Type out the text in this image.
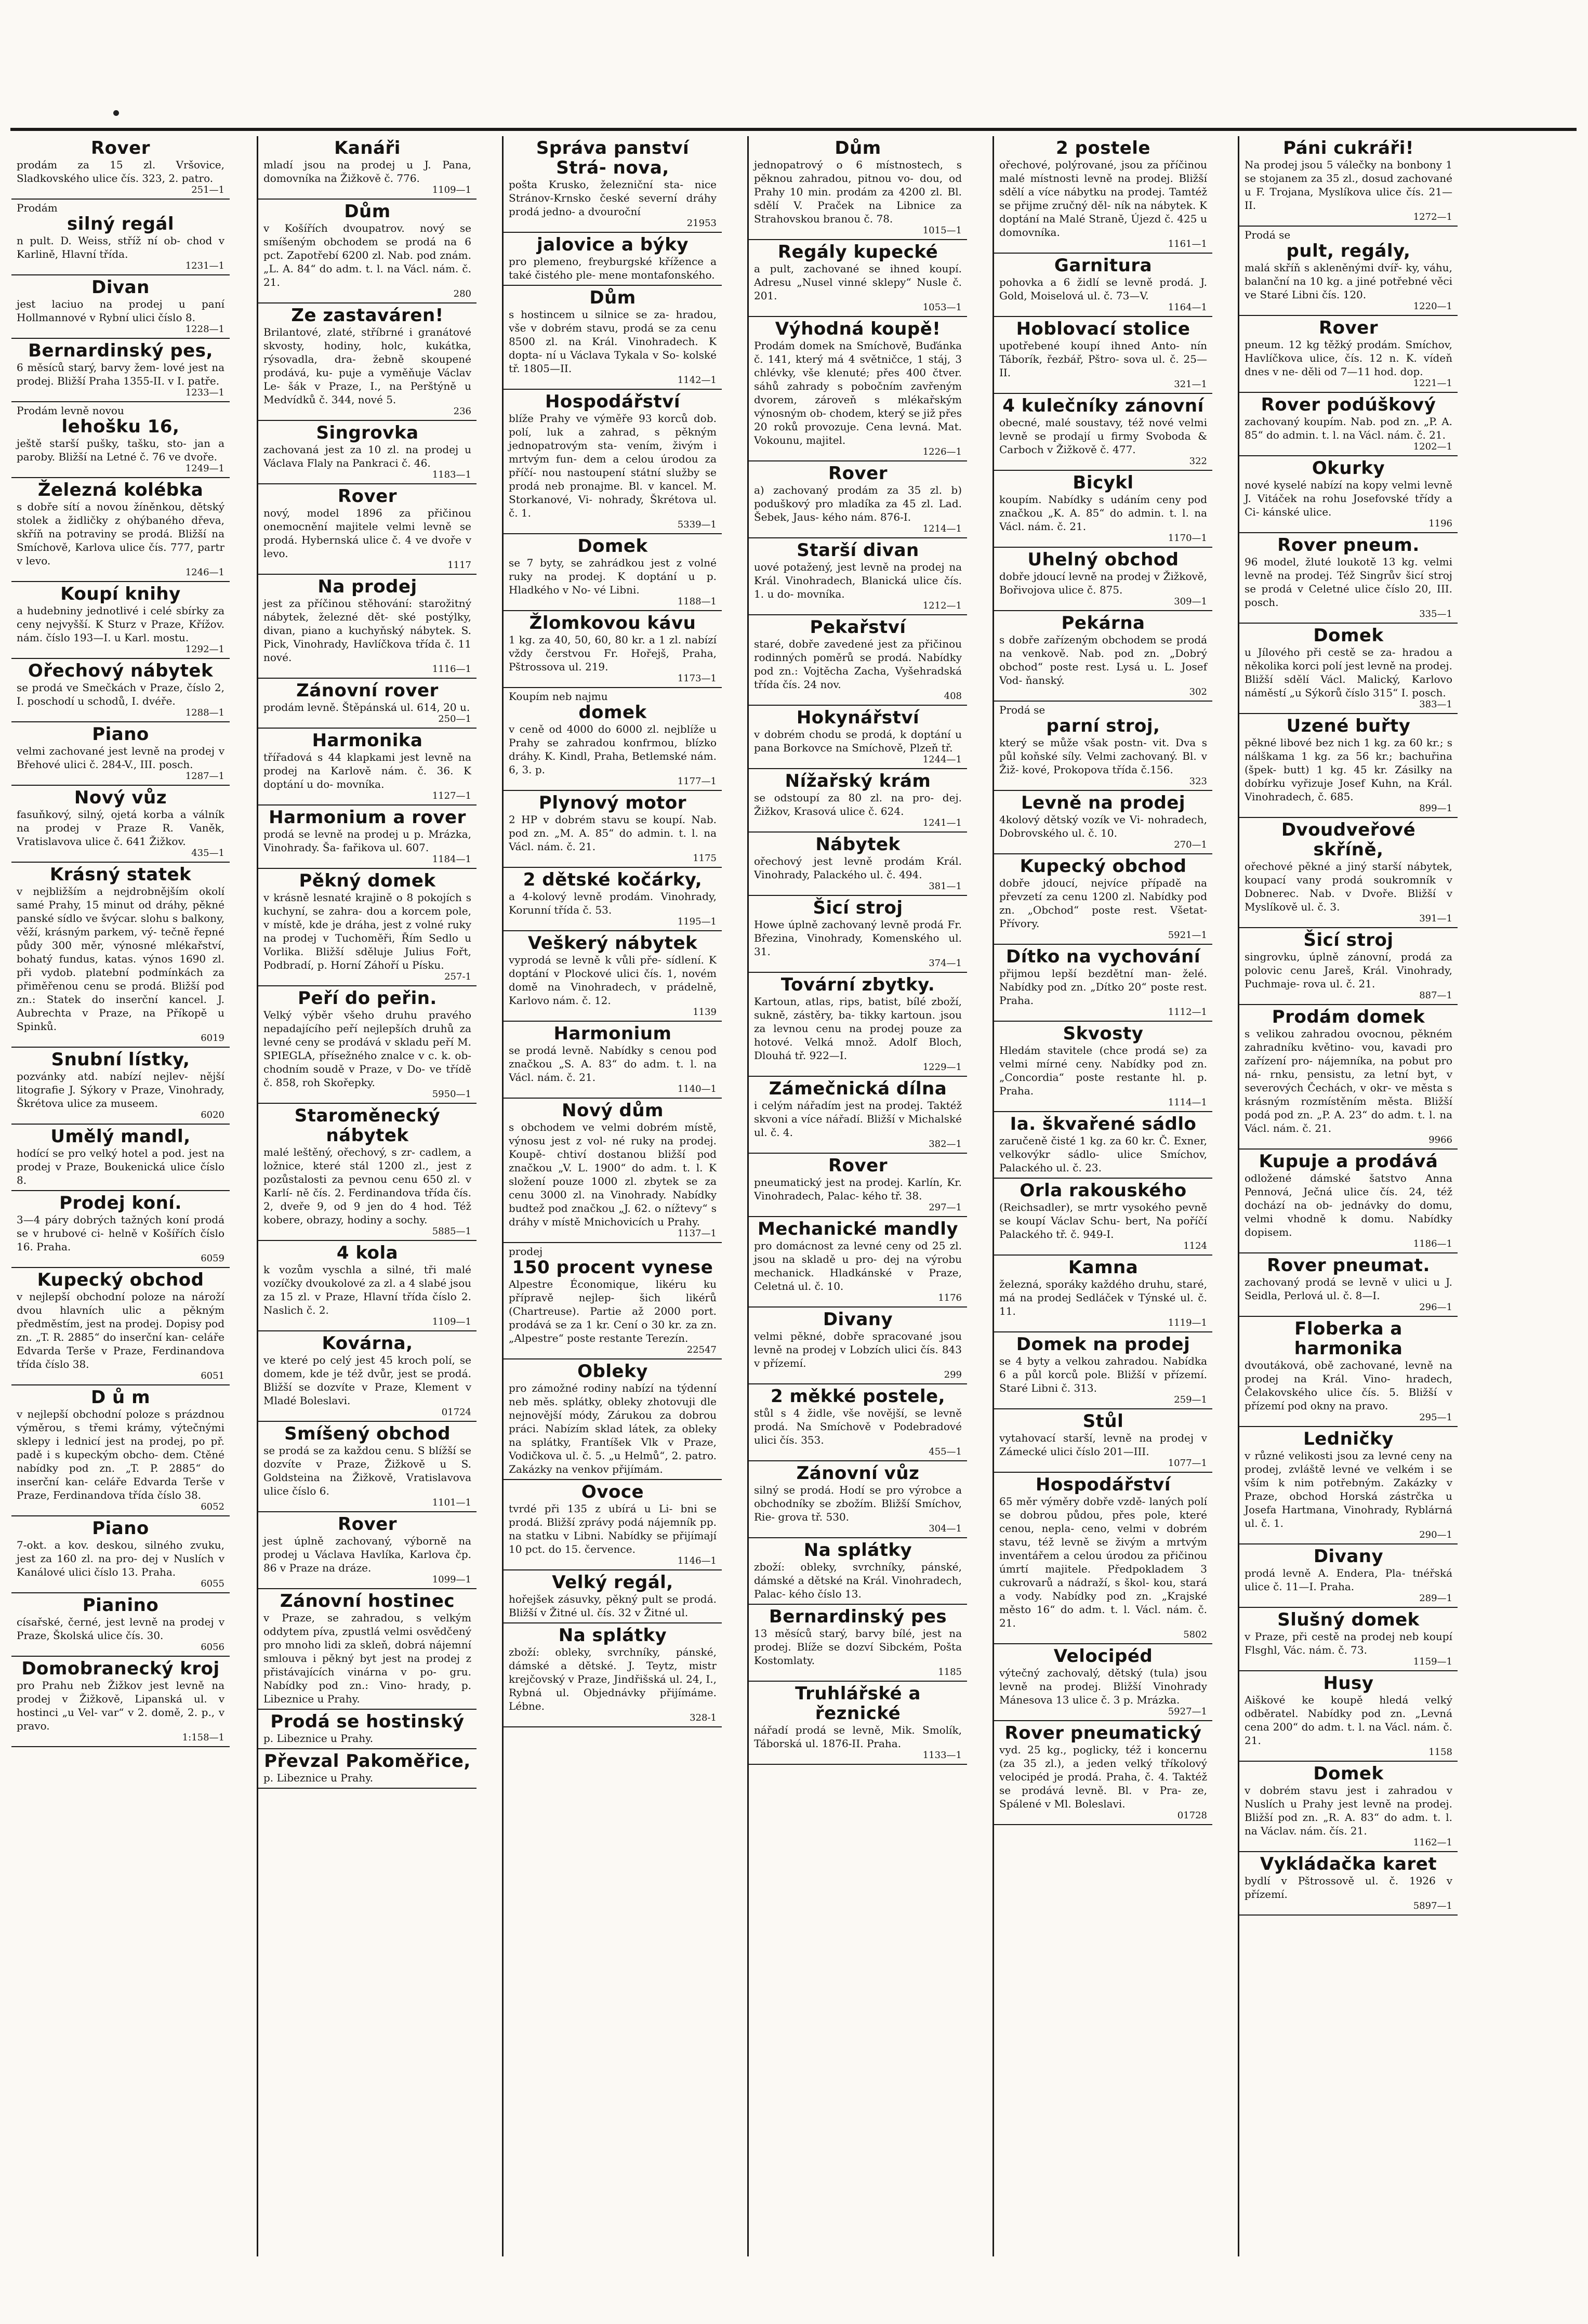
Rover

prodám za 15 zl. Vršovice, Sladkovského ulice čís. 323, 2. patro.

251—1

Prodám

silný regál

n pult. D. Weiss, stříž ní ob- chod v Karlině, Hlavní třída.

1231—1
Divan

jest laciuo na prodej u paní Hollmannové v Rybní ulici číslo 8.

1228—1
Bernardinský pes,

6 měsíců starý, barvy žem- lové jest na prodej. Bližší Praha 1355-II. v I. patře.

1233—1

Prodám levně novou

lehošku 16,

ještě starší pušky, tašku, sto- jan a paroby. Bližší na Letné č. 76 ve dvoře.

1249—1
Železná kolébka

s dobře sítí a novou žíněnkou, dětský stolek a židličky z ohýbaného dřeva, skříň na potraviny se prodá. Bližší na Smíchově, Karlova ulice čís. 777, partr v levo.

1246—1
Koupí knihy

a hudebniny jednotlivé i celé sbírky za ceny nejvyšší. K Sturz v Praze, Křížov. nám. číslo 193—I. u Karl. mostu.

1292—1
Ořechový nábytek

se prodá ve Smečkách v Praze, číslo 2, I. poschodí u schodů, I. dvéře.

1288—1
Piano

velmi zachované jest levně na prodej v Břehové ulici č. 284-V., III. posch.

1287—1
Nový vůz

fasuňkový, silný, ojetá korba a válník na prodej v Praze R. Vaněk, Vratislavova ulice č. 641 Žižkov.

435—1
Krásný statek

v nejbližším a nejdrobnějším okolí samé Prahy, 15 minut od dráhy, pěkné panské sídlo ve švýcar. slohu s balkony, věží, krásným parkem, vý- tečně řepné půdy 300 měr, výnosné mlékařství, bohatý fundus, katas. výnos 1690 zl. při vydob. platební podmínkách za přiměřenou cenu se prodá. Bližší pod zn.: Statek do inserční kancel. J. Aubrechta v Praze, na Příkopě u Spinků.

6019
Snubní lístky,

pozvánky atd. nabízí nejlev- nější litografie J. Sýkory v Praze, Vinohrady, Škrétova ulice za museem.

6020
Umělý mandl,

hodící se pro velký hotel a pod. jest na prodej v Praze, Boukenická ulice číslo 8.

Prodej koní.

3—4 páry dobrých tažných koní prodá se v hrubové ci- helně v Košířích číslo 16. Praha.

6059
Kupecký obchod

v nejlepší obchodní poloze na nároží dvou hlavních ulic a pěkným předměstím, jest na prodej. Dopisy pod zn. „T. R. 2885“ do inserční kan- celáře Edvarda Terše v Praze, Ferdinandova třída číslo 38.

6051
D ů m

v nejlepší obchodní poloze s prázdnou výměrou, s třemi krámy, výtečnými sklepy i lednicí jest na prodej, po př. padě i s kupeckým obcho- dem. Ctěné nabídky pod zn. „T. P. 2885“ do inserční kan- celáře Edvarda Terše v Praze, Ferdinandova třída číslo 38.

6052
Piano

7-okt. a kov. deskou, silného zvuku, jest za 160 zl. na pro- dej v Nuslích v Kanálové ulici číslo 13. Praha.

6055
Pianino

císařské, černé, jest levně na prodej v Praze, Školská ulice čís. 30.

6056
Domobranecký kroj

pro Prahu neb Žižkov jest levně na prodej v Žižkově, Lipanská ul. v hostinci „u Vel- var“ v 2. domě, 2. p., v pravo.

1:158—1
Kanáři

mladí jsou na prodej u J. Pana, domovníka na Žižkově č. 776.

1109—1
Dům

v Košířích dvoupatrov. nový se smíšeným obchodem se prodá na 6 pct. Zapotřebí 6200 zl. Nab. pod znám. „L. A. 84“ do adm. t. l. na Václ. nám. č. 21.

280
Ze zastaváren!

Brilantové, zlaté, stříbrné i granátové skvosty, hodiny, holc, kukátka, rýsovadla, dra- žebně skoupené prodává, ku- puje a vyměňuje Václav Le- šák v Praze, I., na Perštýně u Medvídků č. 344, nové 5.

236
Singrovka

zachovaná jest za 10 zl. na prodej u Václava Flaly na Pankraci č. 46.

1183—1
Rover

nový, model 1896 za přičinou onemocnění majitele velmi levně se prodá. Hybernská ulice č. 4 ve dvoře v levo.

1117
Na prodej

jest za příčinou stěhování: starožitný nábytek, železné dět- ské postýlky, divan, piano a kuchyňský nábytek. S. Pick, Vinohrady, Havlíčkova třída č. 11 nové.

1116—1
Zánovní rover

prodám levně. Štěpánská ul. 614, 20 u.

250—1
Harmonika

třířadová s 44 klapkami jest levně na prodej na Karlově nám. č. 36. K doptání u do- movníka.

1127—1
Harmonium a rover

prodá se levně na prodej u p. Mrázka, Vinohrady. Ša- fařikova ul. 607.

1184—1
Pěkný domek

v krásně lesnaté krajině o 8 pokojích s kuchyní, se zahra- dou a korcem pole, v místě, kde je dráha, jest z volné ruky na prodej v Tuchoměři, Řím Sedlo u Vorlika. Bližší sděluje Julius Fořt, Podbradí, p. Horní Záhoří u Písku.

257-1
Peří do peřin.

Velký výběr všeho druhu pravého nepadajícího peří nejlepších druhů za levné ceny se prodává v skladu peří M. SPIEGLA, přísežného znalce v c. k. ob- chodním soudě v Praze, v Do- ve třídě č. 858, roh Skořepky.

5950—1
Staroměnecký nábytek

malé leštěný, ořechový, s zr- cadlem, a ložnice, které stál 1200 zl., jest z pozůstalosti za pevnou cenu 650 zl. v Karlí- ně čís. 2. Ferdinandova třída čís. 2, dveře 9, od 9 jen do 4 hod. Též kobere, obrazy, hodiny a sochy.

5885—1
4 kola

k vozům vyschla a silné, tři malé vozíčky dvoukolové za zl. a 4 slabé jsou za 15 zl. v Praze, Hlavní třída číslo 2. Naslich č. 2.

1109—1
Kovárna,

ve které po celý jest 45 kroch polí, se domem, kde je též dvůr, jest se prodá. Bližší se dozvíte v Praze, Klement v Mladé Boleslavi.

01724
Smíšený obchod

se prodá se za každou cenu. S blížší se dozvíte v Praze, Žižkově u S. Goldsteina na Žižkově, Vratislavova ulice číslo 6.

1101—1
Rover

jest úplně zachovaný, výborně na prodej u Václava Havlíka, Karlova čp. 86 v Praze na dráze.

1099—1
Zánovní hostinec

v Praze, se zahradou, s velkým oddytem píva, zpustlá velmi osvědčený pro mnoho lidi za skleň, dobrá nájemní smlouva i pěkný byt jest na prodej z přistávajících vinárna v po- gru. Nabídky pod zn.: Vino- hrady, p. Libeznice u Prahy.

Prodá se hostinský

p. Libeznice u Prahy.

Převzal Pakoměřice,

p. Libeznice u Prahy.

Správa panství Strá- nova,

pošta Krusko, železniční sta- nice Stránov-Krnsko české severní dráhy prodá jedno- a dvouroční

21953
jalovice a býky

pro plemeno, freyburgské křížence a také čistého ple- mene montafonského.

Dům

s hostincem u silnice se za- hradou, vše v dobrém stavu, prodá se za cenu 8500 zl. na Král. Vinohradech. K dopta- ní u Václava Tykala v So- kolské tř. 1805—II.

1142—1
Hospodářství

blíže Prahy ve výměře 93 korců dob. polí, luk a zahrad, s pěkným jednopatrovým sta- vením, živým i mrtvým fun- dem a celou úrodou za příčí- nou nastoupení státní služby se prodá neb pronajme. Bl. v kancel. M. Storkanové, Vi- nohrady, Škrétova ul. č. 1.

5339—1
Domek

se 7 byty, se zahrádkou jest z volné ruky na prodej. K doptání u p. Hladkého v No- vé Libni.

1188—1
Žlomkovou kávu

1 kg. za 40, 50, 60, 80 kr. a 1 zl. nabízí vždy čerstvou Fr. Hořejš, Praha, Pštrossova ul. 219.

1173—1

Koupím neb najmu

domek

v ceně od 4000 do 6000 zl. nejblíže u Prahy se zahradou konfrmou, blízko dráhy. K. Kindl, Praha, Betlemské nám. 6, 3. p.

1177—1
Plynový motor

2 HP v dobrém stavu se koupí. Nab. pod zn. „M. A. 85“ do admin. t. l. na Václ. nám. č. 21.

1175
2 dětské kočárky,

a 4-kolový levně prodám. Vinohrady, Korunní třída č. 53.

1195—1
Veškerý nábytek

vyprodá se levně k vůli pře- sídlení. K doptání v Plockové ulici čís. 1, novém domě na Vinohradech, v prádelně, Karlovo nám. č. 12.

1139
Harmonium

se prodá levně. Nabídky s cenou pod značkou „S. A. 83“ do adm. t. l. na Václ. nám. č. 21.

1140—1
Nový dům

s obchodem ve velmi dobrém místě, výnosu jest z vol- né ruky na prodej. Koupě- chtiví dostanou bližší pod značkou „V. L. 1900“ do adm. t. l. K složení pouze 1000 zl. zbytek se za cenu 3000 zl. na Vinohrady. Nabídky budtež pod značkou „J. 62. o nížtevy“ s dráhy v místě Mnichovicích u Prahy.

1137—1

prodej

150 procent vynese

Alpestre Économique, likéru ku přípravě nejlep- šich likérů (Chartreuse). Partie až 2000 port. prodává se za 1 kr. Cení o 30 kr. za zn. „Alpestre“ poste restante Terezín.

22547
Obleky

pro zámožné rodiny nabízí na týdenní neb měs. splátky, obleky zhotovuji dle nejnovější módy, Zárukou za dobrou práci. Nabízím sklad látek, za obleky na splátky, Frantíšek Vlk v Praze, Vodičkova ul. č. 5. „u Helmů“, 2. patro. Zakázky na venkov přijímám.

Ovoce

tvrdé při 135 z ubírá u Li- bni se prodá. Bližší zprávy podá nájemník pp. na statku v Libni. Nabídky se přijímají 10 pct. do 15. července.

1146—1
Velký regál,

hořejšek zásuvky, pěkný pult se prodá. Bližší v Žitné ul. čís. 32 v Žitné ul.

Na splátky

zboží: obleky, svrchníky, pánské, dámské a dětské. J. Teytz, mistr krejčovský v Praze, Jindřišská ul. 24, I., Rybná ul. Objednávky přijímáme. Lébne.

328-1
Dům

jednopatrový o 6 místnostech, s pěknou zahradou, pitnou vo- dou, od Prahy 10 min. prodám za 4200 zl. Bl. sdělí V. Praček na Libnice za Strahovskou branou č. 78.

1015—1
Regály kupecké

a pult, zachované se ihned koupí. Adresu „Nusel vinné sklepy“ Nusle č. 201.

1053—1
Výhodná koupě!

Prodám domek na Smíchově, Buďánka č. 141, který má 4 světničce, 1 stáj, 3 chlévky, vše klenuté; přes 400 čtver. sáhů zahrady s pobočním zavřeným dvorem, zároveň s mlékařským výnosným ob- chodem, který se již přes 20 roků provozuje. Cena levná. Mat. Vokounu, majitel.

1226—1
Rover

a) zachovaný prodám za 35 zl. b) poduškový pro mladíka za 45 zl. Lad. Šebek, Jaus- kého nám. 876-I.

1214—1
Starší divan

uové potažený, jest levně na prodej na Král. Vinohradech, Blanická ulice čís. 1. u do- movníka.

1212—1
Pekařství

staré, dobře zavedené jest za přičinou rodinných poměrů se prodá. Nabídky pod zn.: Vojtěcha Zacha, Vyšehradská třída čís. 24 nov.

408
Hokynářství

v dobrém chodu se prodá, k doptání u pana Borkovce na Smíchově, Plzeň tř.

1244—1
Nížařský krám

se odstoupí za 80 zl. na pro- dej. Žižkov, Krasová ulice č. 624.

1241—1
Nábytek

ořechový jest levně prodám Král. Vinohrady, Palackého ul. č. 494.

381—1
Šicí stroj

Howe úplně zachovaný levně prodá Fr. Březina, Vinohrady, Komenského ul. 31.

374—1
Tovární zbytky.

Kartoun, atlas, rips, batist, bílé zboží, sukně, zástěry, ba- tikky kartoun. jsou za levnou cenu na prodej pouze za hotové. Velká množ. Adolf Bloch, Dlouhá tř. 922—I.

1229—1
Zámečnická dílna

i celým nářadím jest na prodej. Taktéž skvoni a více nářadí. Bližší v Michalské ul. č. 4.

382—1
Rover

pneumatický jest na prodej. Karlín, Kr. Vinohradech, Palac- kého tř. 38.

297—1
Mechanické mandly

pro domácnost za levné ceny od 25 zl. jsou na skladě u pro- dej na výrobu mechanick. Hladkánské v Praze, Celetná ul. č. 10.

1176
Divany

velmi pěkné, dobře spracované jsou levně na prodej v Lobzích ulici čís. 843 v přízemí.

299
2 měkké postele,

stůl s 4 židle, vše novější, se levně prodá. Na Smíchově v Podebradové ulici čís. 353.

455—1
Zánovní vůz

silný se prodá. Hodí se pro výrobce a obchodníky se zbožím. Bližší Smíchov, Rie- grova tř. 530.

304—1
Na splátky

zboží: obleky, svrchníky, pánské, dámské a dětské na Král. Vinohradech, Palac- kého číslo 13.

Bernardinský pes

13 měsíců starý, barvy bílé, jest na prodej. Blíže se dozví Sibckém, Pošta Kostomlaty.

1185
Truhlářské a řeznické

nářadí prodá se levně, Mik. Smolík, Táborská ul. 1876-II. Praha.

1133—1
2 postele

ořechové, polýrované, jsou za příčinou malé místnosti levně na prodej. Bližší sdělí a více nábytku na prodej. Tamtéž se přijme zručný děl- ník na nábytek. K doptání na Malé Straně, Újezd č. 425 u domovníka.

1161—1
Garnitura

pohovka a 6 židlí se levně prodá. J. Gold, Moiselová ul. č. 73—V.

1164—1
Hoblovací stolice

upotřebené koupí ihned Anto- nín Táborík, řezbář, Pštro- sova ul. č. 25—II.

321—1
4 kulečníky zánovní

obecné, malé soustavy, též nové velmi levně se prodají u firmy Svoboda & Carboch v Žižkově č. 477.

322
Bicykl

koupím. Nabídky s udáním ceny pod značkou „K. A. 85“ do admin. t. l. na Václ. nám. č. 21.

1170—1
Uhelný obchod

dobře jdoucí levně na prodej v Žižkově, Bořivojova ulice č. 875.

309—1
Pekárna

s dobře zařízeným obchodem se prodá na venkově. Nab. pod zn. „Dobrý obchod“ poste rest. Lysá u. L. Josef Vod- ňanský.

302

Prodá se

parní stroj,

který se může však postn- vit. Dva s půl koňské síly. Velmi zachovaný. Bl. v Žiž- kové, Prokopova třída č.156.

323
Levně na prodej

4kolový dětský vozík ve Vi- nohradech, Dobrovského ul. č. 10.

270—1
Kupecký obchod

dobře jdoucí, nejvíce případě na převzetí za cenu 1200 zl. Nabídky pod zn. „Obchod“ poste rest. Všetat-Přívory.

5921—1
Dítko na vychování

přijmou lepší bezdětní man- želé. Nabídky pod zn. „Dítko 20“ poste rest. Praha.

1112—1
Skvosty

Hledám stavitele (chce prodá se) za velmi mírné ceny. Nabídky pod zn. „Concordia“ poste restante hl. p. Praha.

1114—1
Ia. škvařené sádlo

zaručeně čisté 1 kg. za 60 kr. Č. Exner, velkovýkr sádlo- ulice Smíchov, Palackého ul. č. 23.

Orla rakouského

(Reichsadler), se mrtr vysokého pevně se koupí Václav Schu- bert, Na poříčí Palackého tř. č. 949-I.

1124
Kamna

železná, sporáky každého druhu, staré, má na prodej Sedláček v Týnské ul. č. 11.

1119—1
Domek na prodej

se 4 byty a velkou zahradou. Nabídka 6 a půl korců pole. Bližší v přízemí. Staré Libni č. 313.

259—1
Stůl

vytahovací starší, levně na prodej v Zámecké ulici číslo 201—III.

1077—1
Hospodářství

65 měr výměry dobře vzdě- laných polí se dobrou půdou, přes pole, které cenou, nepla- ceno, velmi v dobrém stavu, též levně se živým a mrtvým inventářem a celou úrodou za přičinou úmrtí majitele. Předpokladem 3 cukrovarů a nádraží, s škol- kou, stará a vody. Nabídky pod zn. „Krajské město 16“ do adm. t. l. Václ. nám. č. 21.

5802
Velocipéd

výtečný zachovalý, dětský (tula) jsou levně na prodej. Bližší Vinohrady Mánesova 13 ulice č. 3 p. Mrázka.

5927—1
Rover pneumatický

vyd. 25 kg., poglicky, též i koncernu (za 35 zl.), a jeden velký tříkolový velocipéd je prodá. Praha, č. 4. Taktéž se prodává levně. Bl. v Pra- ze, Spálené v Ml. Boleslavi.

01728
Páni cukráři!

Na prodej jsou 5 válečky na bonbony 1 se stojanem za 35 zl., dosud zachované u F. Trojana, Myslíkova ulice čís. 21—II.

1272—1

Prodá se

pult, regály,

malá skříň s akleněnými dvíř- ky, váhu, balanční na 10 kg. a jiné potřebné věci ve Staré Libni čís. 120.

1220—1
Rover

pneum. 12 kg těžký prodám. Smíchov, Havlíčkova ulice, čís. 12 n. K. vídeň dnes v ne- děli od 7—11 hod. dop.

1221—1
Rover podúškový

zachovaný koupím. Nab. pod zn. „P. A. 85“ do admin. t. l. na Václ. nám. č. 21.

1202—1
Okurky

nové kyselé nabízí na kopy velmi levně J. Vitáček na rohu Josefovské třídy a Ci- kánské ulice.

1196
Rover pneum.

96 model, žluté loukotě 13 kg. velmi levně na prodej. Též Singrův šicí stroj se prodá v Celetné ulice číslo 20, III. posch.

335—1
Domek

u Jílového při cestě se za- hradou a několika korci polí jest levně na prodej. Bližší sdělí Václ. Malický, Karlovo náměstí „u Sýkorů číslo 315“ I. posch.

383—1
Uzené buřty

pěkné libové bez nich 1 kg. za 60 kr.; s nálškama 1 kg. za 56 kr.; bachuřina (špek- butt) 1 kg. 45 kr. Zásilky na dobírku vyřizuje Josef Kuhn, na Král. Vinohradech, č. 685.

899—1
Dvoudveřové skříně,

ořechové pěkné a jiný starší nábytek, koupací vany prodá soukromník v Dobnerec. Nab. v Dvoře. Bližší v Myslíkově ul. č. 3.

391—1
Šicí stroj

singrovku, úplně zánovní, prodá za polovic cenu Jareš, Král. Vinohrady, Puchmaje- rova ul. č. 21.

887—1
Prodám domek

s velikou zahradou ovocnou, pěkném zahradníku květino- vou, kavadi pro zařízení pro- nájemníka, na pobut pro ná- rnku, pensistu, za letní byt, v severových Čechách, v okr- ve města s krásným rozmístěním města. Bližší podá pod zn. „P. A. 23“ do adm. t. l. na Václ. nám. č. 21.

9966
Kupuje a prodává

odložené dámské šatstvo Anna Pennová, Ječná ulice čís. 24, též dochází na ob- jednávky do domu, velmi vhodně k domu. Nabídky dopisem.

1186—1
Rover pneumat.

zachovaný prodá se levně v ulici u J. Seidla, Perlová ul. č. 8—I.

296—1
Floberka a harmonika

dvoutáková, obě zachované, levně na prodej na Král. Vino- hradech, Čelakovského ulice čís. 5. Bližší v přízemí pod okny na pravo.

295—1
Ledničky

v různé velikosti jsou za levné ceny na prodej, zvláště levné ve velkém i se vším k nim potřebným. Zakázky v Praze, obchod Horská zástrčka u Josefa Hartmana, Vinohrady, Ryblárná ul. č. 1.

290—1
Divany

prodá levně A. Endera, Pla- tnéřská ulice č. 11—I. Praha.

289—1
Slušný domek

v Praze, při cestě na prodej neb koupí Flsghl, Vác. nám. č. 73.

1159—1
Husy

Aiškové ke koupě hledá velký odběratel. Nabídky pod zn. „Levná cena 200“ do adm. t. l. na Václ. nám. č. 21.

1158
Domek

v dobrém stavu jest i zahradou v Nuslích u Prahy jest levně na prodej. Bližší pod zn. „R. A. 83“ do adm. t. l. na Václav. nám. čís. 21.

1162—1
Vykládačka karet

bydlí v Pštrossově ul. č. 1926 v přízemí.

5897—1
